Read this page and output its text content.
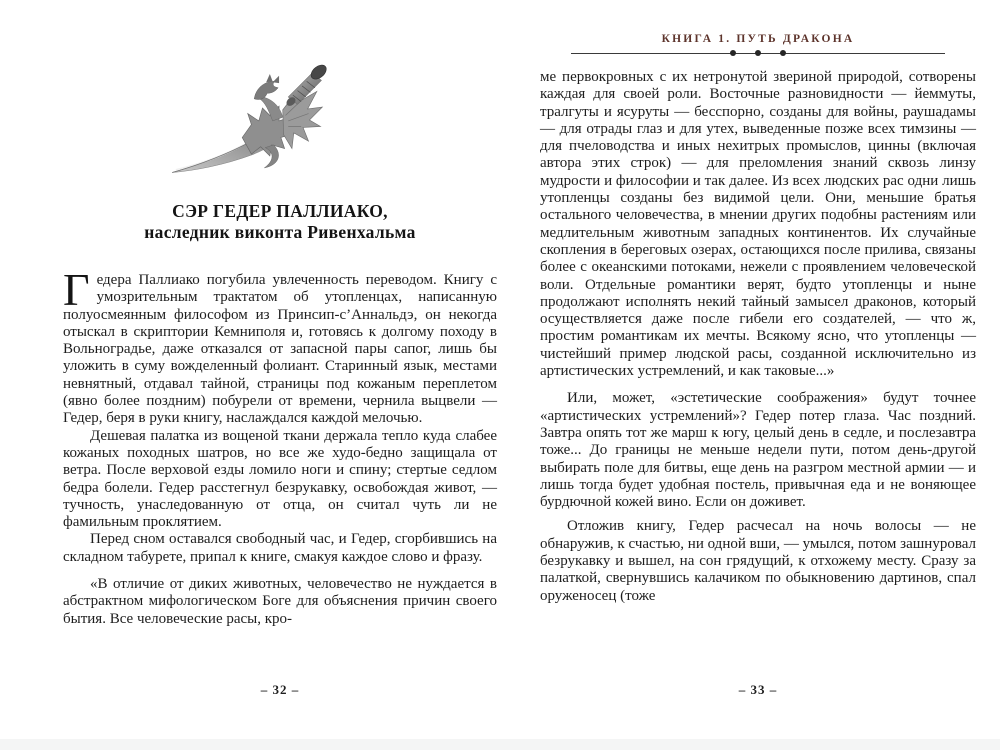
СЭР ГЕДЕР ПАЛЛИАКО,
наследник виконта Ривенхальма

Гедера Паллиако погубила увлеченность переводом. Книгу с умозрительным трактатом об утопленцах, написанную полуосмеянным философом из Принсип-с’Аннальдэ, он некогда отыскал в скриптории Кемниполя и, готовясь к долгому походу в Вольноградье, даже отказался от запасной пары сапог, лишь бы уложить в суму вожделенный фолиант. Старинный язык, местами невнятный, отдавал тайной, страницы под кожаным переплетом (явно более поздним) побурели от времени, чернила выцвели — Гедер, беря в руки книгу, наслаждался каждой мелочью.

Дешевая палатка из вощеной ткани держала тепло куда слабее кожаных походных шатров, но все же худо-бедно защищала от ветра. После верховой езды ломило ноги и спину; стертые седлом бедра болели. Гедер расстегнул безрукавку, освобождая живот, — тучность, унаследованную от отца, он считал чуть ли не фамильным проклятием.

Перед сном оставался свободный час, и Гедер, сгорбившись на складном табурете, припал к книге, смакуя каждое слово и фразу.

«В отличие от диких животных, человечество не нуждается в абстрактном мифологическом Боге для объяснения причин своего бытия. Все человеческие расы, кро-

– 32 –
КНИГА 1. ПУТЬ ДРАКОНА

ме первокровных с их нетронутой звериной природой, сотворены каждая для своей роли. Восточные разновидности — йеммуты, тралгуты и ясуруты — бесспорно, созданы для войны, раушадамы — для отрады глаз и для утех, выведенные позже всех тимзины — для пчеловодства и иных нехитрых промыслов, цинны (включая автора этих строк) — для преломления знаний сквозь линзу мудрости и философии и так далее. Из всех людских рас одни лишь утопленцы созданы без видимой цели. Они, меньшие братья остального человечества, в мнении других подобны растениям или медлительным животным западных континентов. Их случайные скопления в береговых озерах, остающихся после прилива, связаны более с океанскими потоками, нежели с проявлением человеческой воли. Отдельные романтики верят, будто утопленцы и ныне продолжают исполнять некий тайный замысел драконов, который осуществляется даже после гибели его создателей, — что ж, простим романтикам их мечты. Всякому ясно, что утопленцы — чистейший пример людской расы, созданной исключительно из артистических устремлений, и как таковые...»

Или, может, «эстетические соображения» будут точнее «артистических устремлений»? Гедер потер глаза. Час поздний. Завтра опять тот же марш к югу, целый день в седле, и послезавтра тоже... До границы не меньше недели пути, потом день-другой выбирать поле для битвы, еще день на разгром местной армии — и лишь тогда будет удобная постель, привычная еда и не воняющее бурдючной кожей вино. Если он доживет.

Отложив книгу, Гедер расчесал на ночь волосы — не обнаружив, к счастью, ни одной вши, — умылся, потом зашнуровал безрукавку и вышел, на сон грядущий, к отхожему месту. Сразу за палаткой, свернувшись калачиком по обыкновению дартинов, спал оруженосец (тоже

– 33 –
